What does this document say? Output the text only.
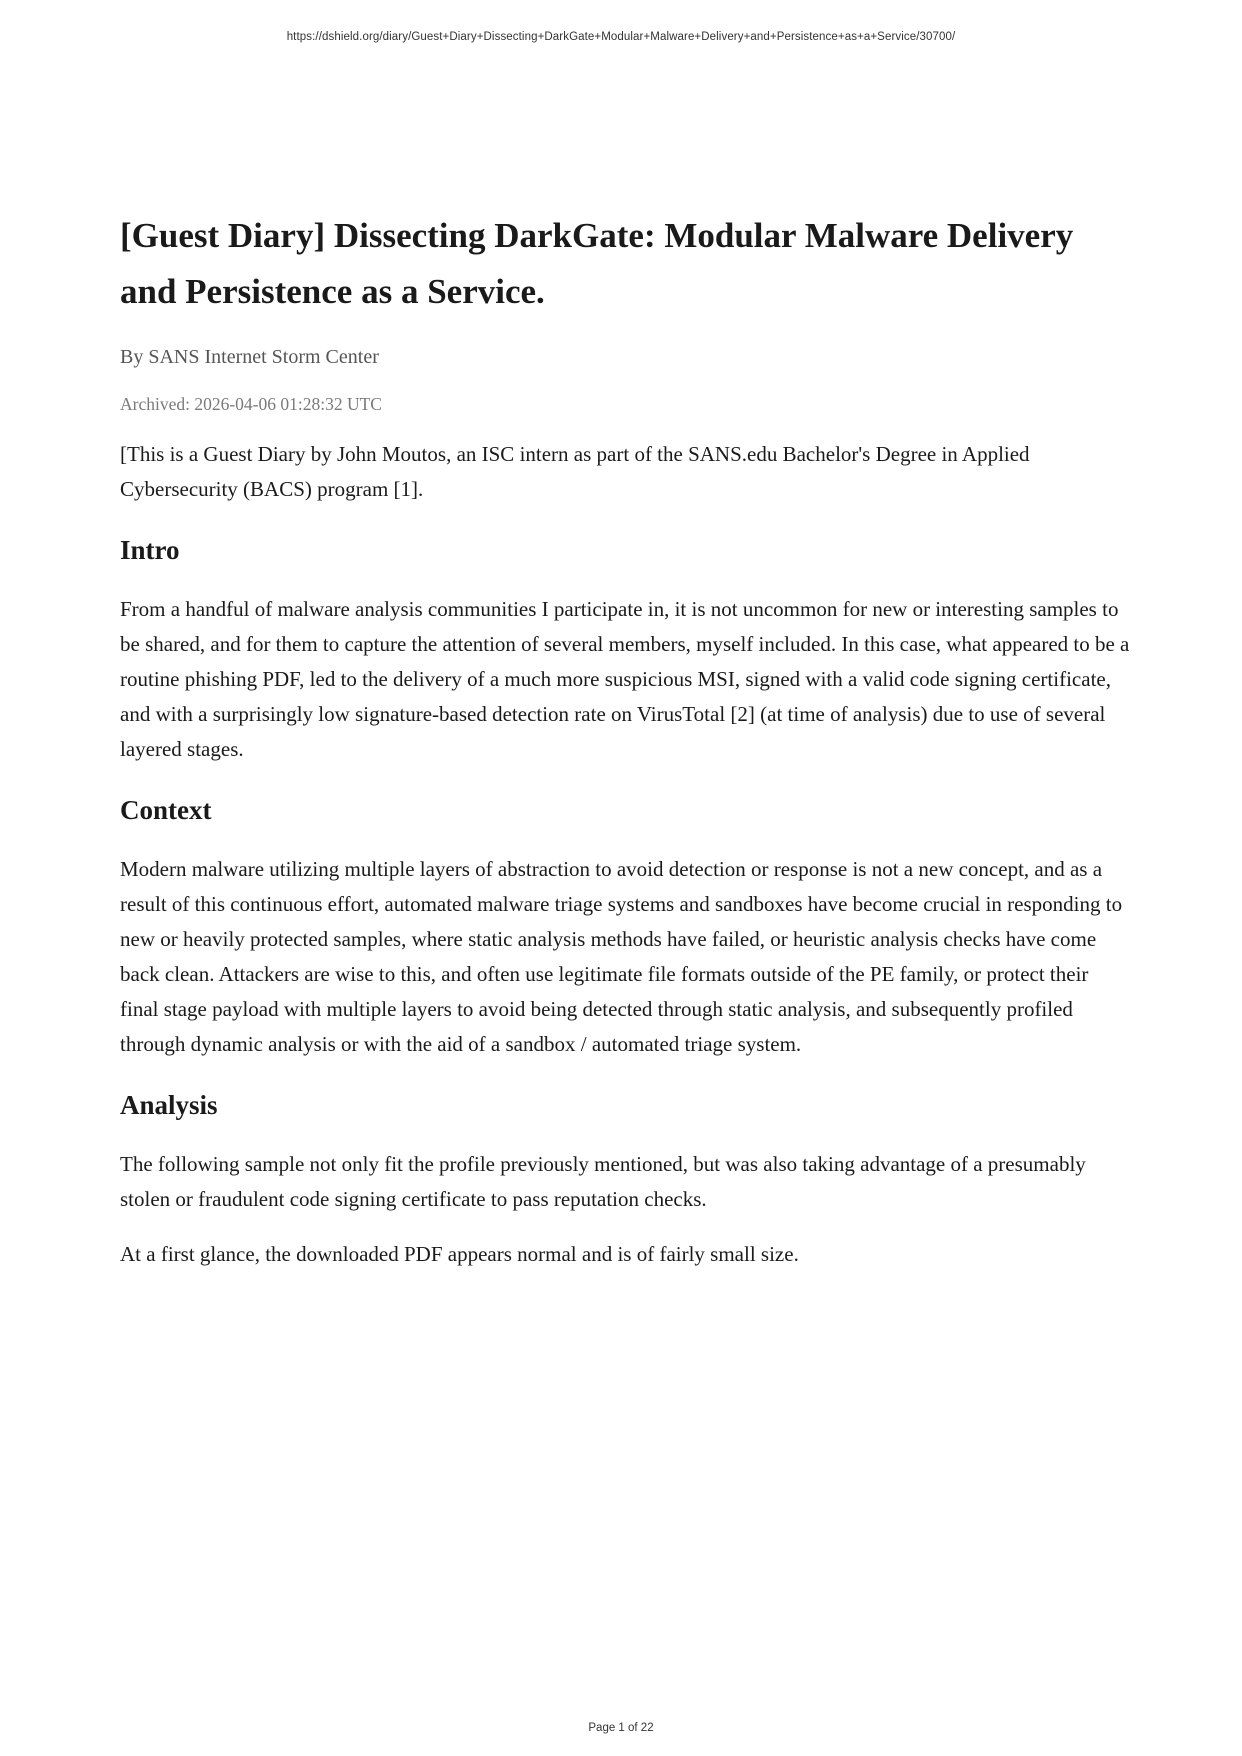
https://dshield.org/diary/Guest+Diary+Dissecting+DarkGate+Modular+Malware+Delivery+and+Persistence+as+a+Service/30700/
[Guest Diary] Dissecting DarkGate: Modular Malware Delivery and Persistence as a Service.
By SANS Internet Storm Center
Archived: 2026-04-06 01:28:32 UTC

[This is a Guest Diary by John Moutos, an ISC intern as part of the SANS.edu Bachelor's Degree in Applied Cybersecurity (BACS) program [1].

Intro

From a handful of malware analysis communities I participate in, it is not uncommon for new or interesting samples to be shared, and for them to capture the attention of several members, myself included. In this case, what appeared to be a routine phishing PDF, led to the delivery of a much more suspicious MSI, signed with a valid code signing certificate, and with a surprisingly low signature-based detection rate on VirusTotal [2] (at time of analysis) due to use of several layered stages.

Context

Modern malware utilizing multiple layers of abstraction to avoid detection or response is not a new concept, and as a result of this continuous effort, automated malware triage systems and sandboxes have become crucial in responding to new or heavily protected samples, where static analysis methods have failed, or heuristic analysis checks have come back clean. Attackers are wise to this, and often use legitimate file formats outside of the PE family, or protect their final stage payload with multiple layers to avoid being detected through static analysis, and subsequently profiled through dynamic analysis or with the aid of a sandbox / automated triage system.

Analysis

The following sample not only fit the profile previously mentioned, but was also taking advantage of a presumably stolen or fraudulent code signing certificate to pass reputation checks.

At a first glance, the downloaded PDF appears normal and is of fairly small size.

Page 1 of 22
